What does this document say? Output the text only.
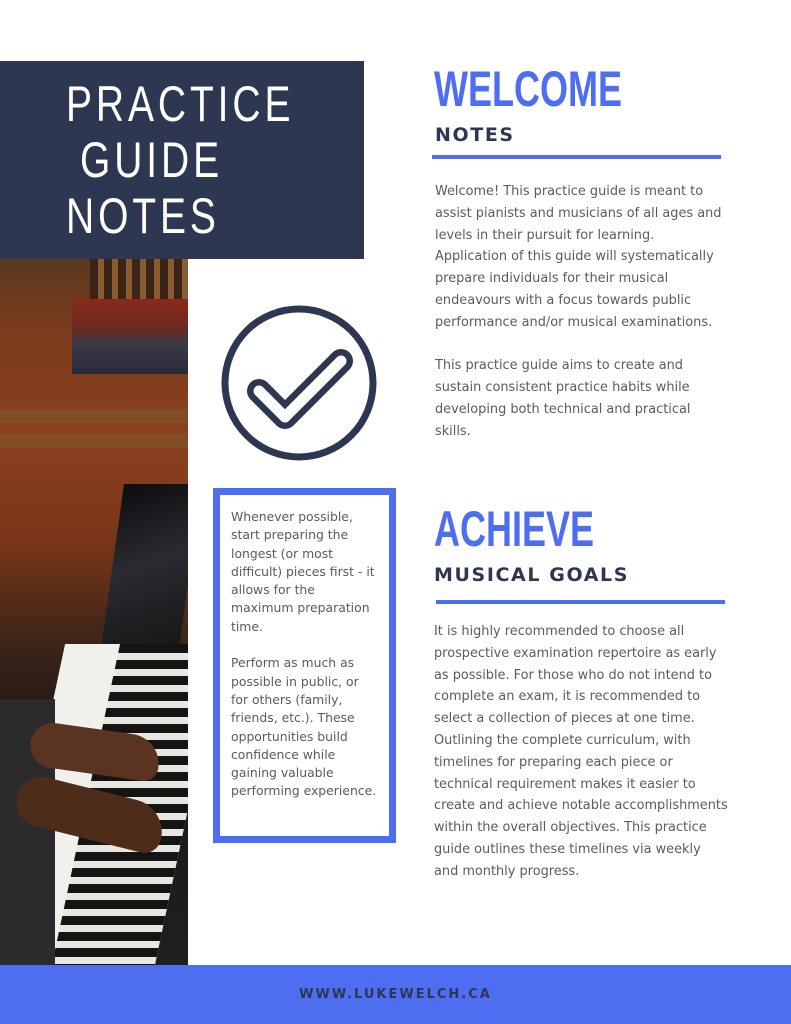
PRACTICE
GUIDE
NOTES

Whenever possible, start preparing the longest (or most difficult) pieces first - it allows for the maximum preparation time.

Perform as much as possible in public, or for others (family, friends, etc.). These opportunities build confidence while gaining valuable performing experience.

WELCOME
NOTES

Welcome! This practice guide is meant to assist pianists and musicians of all ages and levels in their pursuit for learning. Application of this guide will systematically prepare individuals for their musical endeavours with a focus towards public performance and/or musical examinations.

This practice guide aims to create and sustain consistent practice habits while developing both technical and practical skills.

ACHIEVE
MUSICAL GOALS

It is highly recommended to choose all prospective examination repertoire as early as possible. For those who do not intend to complete an exam, it is recommended to select a collection of pieces at one time. Outlining the complete curriculum, with timelines for preparing each piece or technical requirement makes it easier to create and achieve notable accomplishments within the overall objectives. This practice guide outlines these timelines via weekly and monthly progress.

WWW.LUKEWELCH.CA
